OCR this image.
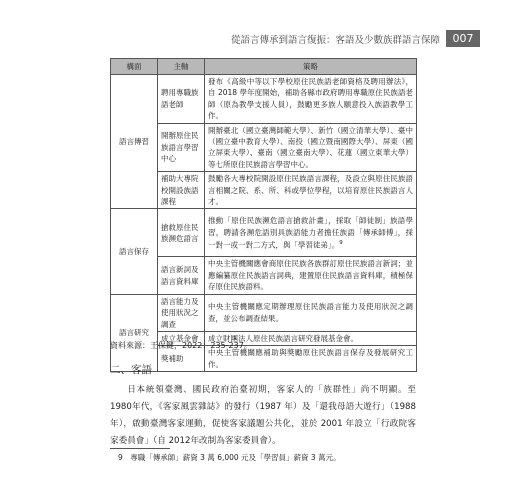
從語言傳承到語言復振：客語及少數族群語言保障	007
構面	主軸	策略
語言傳習	聘用專職族語老師	發布《高級中等以下學校原住民族語老師資格及聘用辦法》，自 2018 學年度開始，補助各縣市政府聘用專職原住民族語老師（原為教學支援人員），鼓勵更多族人願意投入族語教學工作。
	開辦原住民族語言學習中心	開辦臺北（國立臺灣師範大學）、新竹（國立清華大學）、臺中（國立臺中教育大學）、南投（國立暨南國際大學）、屏東（國立屏東大學）、臺南（國立臺南大學）、花蓮（國立東華大學）等七所原住民族語言學習中心。
	補助大專院校開設族語課程	鼓勵各大專校院開設原住民族語言課程，及設立與原住民族語言相關之院、系、所、科或學位學程，以培育原住民族語言人才。
語言保存	搶救原住民族瀕危語言	推動「原住民族瀕危語言搶救計畫」，採取「師徒制」族語學習，聘請各瀕危語別具族語能力者擔任族語「傳承師傅」，採一對一或一對二方式，與「學習徒弟」。$^9$
	語言新詞及語言資料庫	中央主管機關應會商原住民族各族群訂原住民族語言新詞；並應編纂原住民族語言詞典，建置原住民族語言資料庫，積極保存原住民族語料。
語言研究	語言能力及使用狀況之調查	中央主管機關應定期辦理原住民族語言能力及使用狀況之調查，並公布調查結果。
	成立基金會	成立財團法人原住民族語言研究發展基金會。
	獎補助	中央主管機關應補助與獎勵原住民族語言保存及發展研究工作。
資料來源：王保鍵，2022：235-237。
二、客語
日本統領臺灣、國民政府治臺初期，客家人的「族群性」尚不明顯。至 1980年代，《客家風雲雜誌》的發行（1987 年）及「還我母語大遊行」（1988 年），啟動臺灣客家運動，促使客家議題公共化，並於 2001 年設立「行政院客家委員會」（自 2012年改制為客家委員會）。
9　專職「傳承師」薪資 3 萬 6,000 元及「學習員」薪資 3 萬元。
